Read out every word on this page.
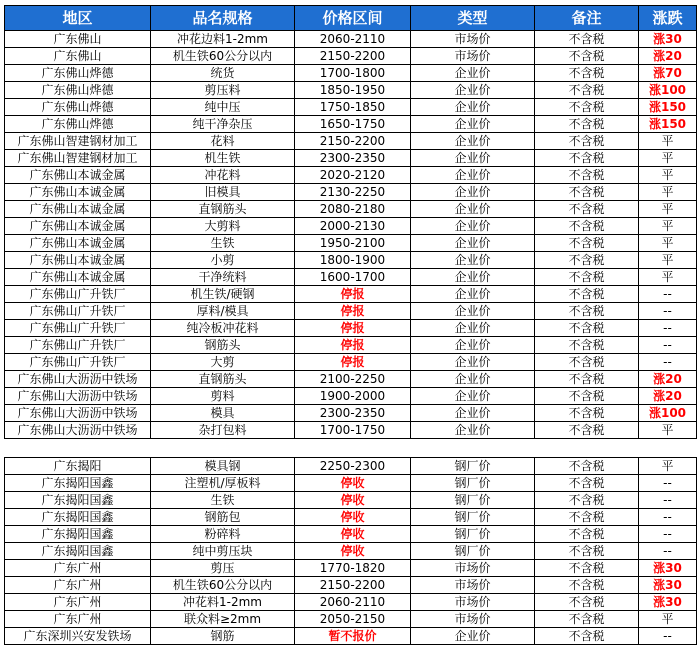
地区	品名规格	价格区间	类型	备注	涨跌
广东佛山	冲花边料1-2mm	2060-2110	市场价	不含税	涨30
广东佛山	机生铁60公分以内	2150-2200	市场价	不含税	涨20
广东佛山烨德	统货	1700-1800	企业价	不含税	涨70
广东佛山烨德	剪压料	1850-1950	企业价	不含税	涨100
广东佛山烨德	纯中压	1750-1850	企业价	不含税	涨150
广东佛山烨德	纯干净杂压	1650-1750	企业价	不含税	涨150
广东佛山智建钢材加工	花料	2150-2200	企业价	不含税	平
广东佛山智建钢材加工	机生铁	2300-2350	企业价	不含税	平
广东佛山本诚金属	冲花料	2020-2120	企业价	不含税	平
广东佛山本诚金属	旧模具	2130-2250	企业价	不含税	平
广东佛山本诚金属	直钢筋头	2080-2180	企业价	不含税	平
广东佛山本诚金属	大剪料	2000-2130	企业价	不含税	平
广东佛山本诚金属	生铁	1950-2100	企业价	不含税	平
广东佛山本诚金属	小剪	1800-1900	企业价	不含税	平
广东佛山本诚金属	干净统料	1600-1700	企业价	不含税	平
广东佛山广升铁厂	机生铁/硬钢	停报	企业价	不含税	--
广东佛山广升铁厂	厚料/模具	停报	企业价	不含税	--
广东佛山广升铁厂	纯冷板冲花料	停报	企业价	不含税	--
广东佛山广升铁厂	钢筋头	停报	企业价	不含税	--
广东佛山广升铁厂	大剪	停报	企业价	不含税	--
广东佛山大沥沥中铁场	直钢筋头	2100-2250	企业价	不含税	涨20
广东佛山大沥沥中铁场	剪料	1900-2000	企业价	不含税	涨20
广东佛山大沥沥中铁场	模具	2300-2350	企业价	不含税	涨100
广东佛山大沥沥中铁场	杂打包料	1700-1750	企业价	不含税	平
广东揭阳	模具钢	2250-2300	钢厂价	不含税	平
广东揭阳国鑫	注塑机/厚板料	停收	钢厂价	不含税	--
广东揭阳国鑫	生铁	停收	钢厂价	不含税	--
广东揭阳国鑫	钢筋包	停收	钢厂价	不含税	--
广东揭阳国鑫	粉碎料	停收	钢厂价	不含税	--
广东揭阳国鑫	纯中剪压块	停收	钢厂价	不含税	--
广东广州	剪压	1770-1820	市场价	不含税	涨30
广东广州	机生铁60公分以内	2150-2200	市场价	不含税	涨30
广东广州	冲花料1-2mm	2060-2110	市场价	不含税	涨30
广东广州	联众料≥2mm	2050-2150	市场价	不含税	平
广东深圳兴安发铁场	钢筋	暂不报价	企业价	不含税	--
